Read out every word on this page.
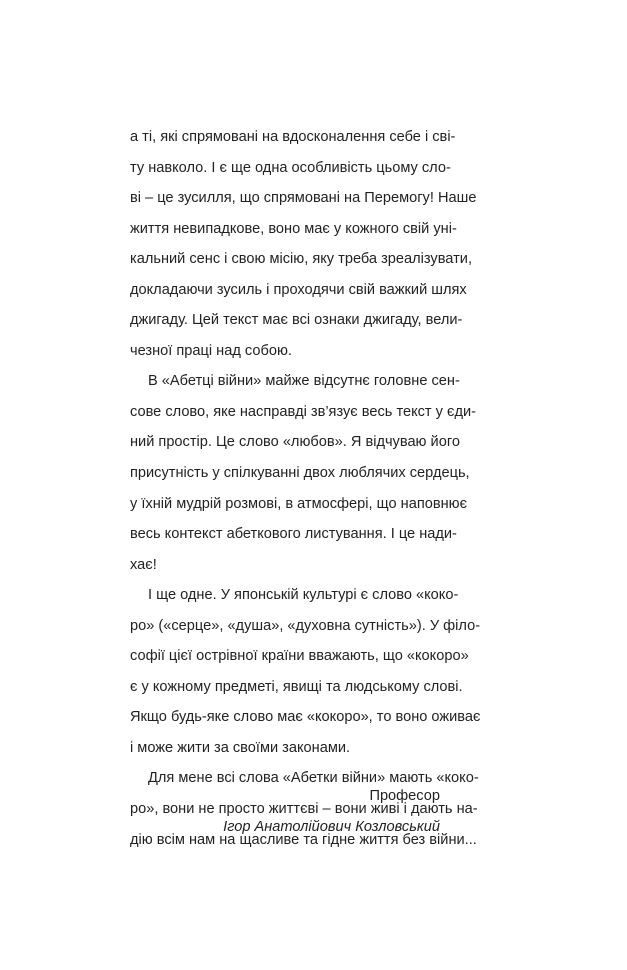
а ті, які спрямовані на вдосконалення себе і сві-
ту навколо. І є ще одна особливість цьому сло-
ві – це зусилля, що спрямовані на Перемогу! Наше
життя невипадкове, воно має у кожного свій уні-
кальний сенс і свою місію, яку треба зреалізувати,
докладаючи зусиль і проходячи свій важкий шлях
джигаду. Цей текст має всі ознаки джигаду, вели-
чезної праці над собою.
В «Абетці війни» майже відсутнє головне сен-
сове слово, яке насправді зв’язує весь текст у єди-
ний простір. Це слово «любов». Я відчуваю його
присутність у спілкуванні двох люблячих сердець,
у їхній мудрій розмові, в атмосфері, що наповнює
весь контекст абеткового листування. І це нади-
хає!
І ще одне. У японській культурі є слово «коко-
ро» («серце», «душа», «духовна сутність»). У філо-
софії цієї острівної країни вважають, що «кокоро»
є у кожному предметі, явищі та людському слові.
Якщо будь-яке слово має «кокоро», то воно оживає
і може жити за своїми законами.
Для мене всі слова «Абетки війни» мають «коко-
ро», вони не просто життєві – вони живі і дають на-
дію всім нам на щасливе та гідне життя без війни...
Професор
Ігор Анатолійович Козловський
